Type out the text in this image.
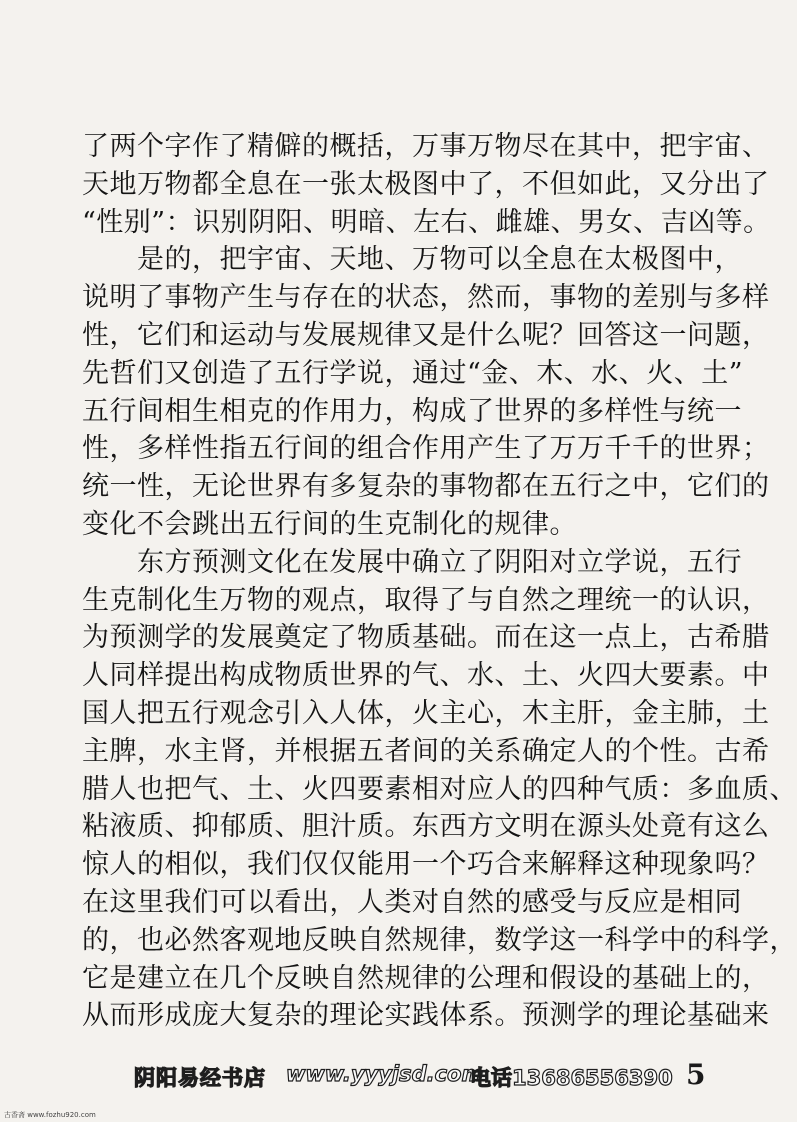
了两个字作了精僻的概括，万事万物尽在其中，把宇宙、
天地万物都全息在一张太极图中了，不但如此，又分出了
“性别”：识别阴阳、明暗、左右、雌雄、男女、吉凶等。
　　是的，把宇宙、天地、万物可以全息在太极图中，
说明了事物产生与存在的状态，然而，事物的差别与多样
性，它们和运动与发展规律又是什么呢？回答这一问题，
先哲们又创造了五行学说，通过“金、木、水、火、土”
五行间相生相克的作用力，构成了世界的多样性与统一
性，多样性指五行间的组合作用产生了万万千千的世界；
统一性，无论世界有多复杂的事物都在五行之中，它们的
变化不会跳出五行间的生克制化的规律。
　　东方预测文化在发展中确立了阴阳对立学说，五行
生克制化生万物的观点，取得了与自然之理统一的认识，
为预测学的发展奠定了物质基础。而在这一点上，古希腊
人同样提出构成物质世界的气、水、土、火四大要素。中
国人把五行观念引入人体，火主心，木主肝，金主肺，土
主脾，水主肾，并根据五者间的关系确定人的个性。古希
腊人也把气、土、火四要素相对应人的四种气质：多血质、
粘液质、抑郁质、胆汁质。东西方文明在源头处竟有这么
惊人的相似，我们仅仅能用一个巧合来解释这种现象吗？
在这里我们可以看出，人类对自然的感受与反应是相同
的，也必然客观地反映自然规律，数学这一科学中的科学，
它是建立在几个反映自然规律的公理和假设的基础上的，
从而形成庞大复杂的理论实践体系。预测学的理论基础来
阴阳易经书店 www.yyyjsd.com
电话13686556390 5
古香斋 www.fozhu920.com
